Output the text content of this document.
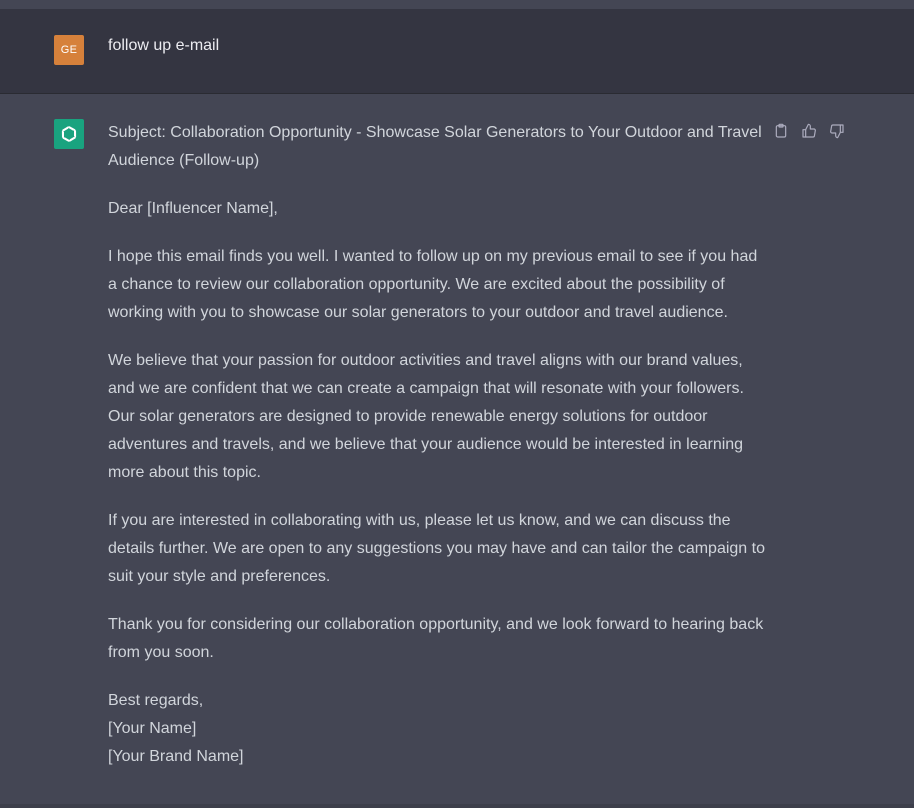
GE	follow up e-mail

Subject: Collaboration Opportunity - Showcase Solar Generators to Your Outdoor and Travel Audience (Follow-up)

Dear [Influencer Name],

I hope this email finds you well. I wanted to follow up on my previous email to see if you had a chance to review our collaboration opportunity. We are excited about the possibility of working with you to showcase our solar generators to your outdoor and travel audience.

We believe that your passion for outdoor activities and travel aligns with our brand values, and we are confident that we can create a campaign that will resonate with your followers. Our solar generators are designed to provide renewable energy solutions for outdoor adventures and travels, and we believe that your audience would be interested in learning more about this topic.

If you are interested in collaborating with us, please let us know, and we can discuss the details further. We are open to any suggestions you may have and can tailor the campaign to suit your style and preferences.

Thank you for considering our collaboration opportunity, and we look forward to hearing back from you soon.

Best regards,

[Your Name]

[Your Brand Name]
